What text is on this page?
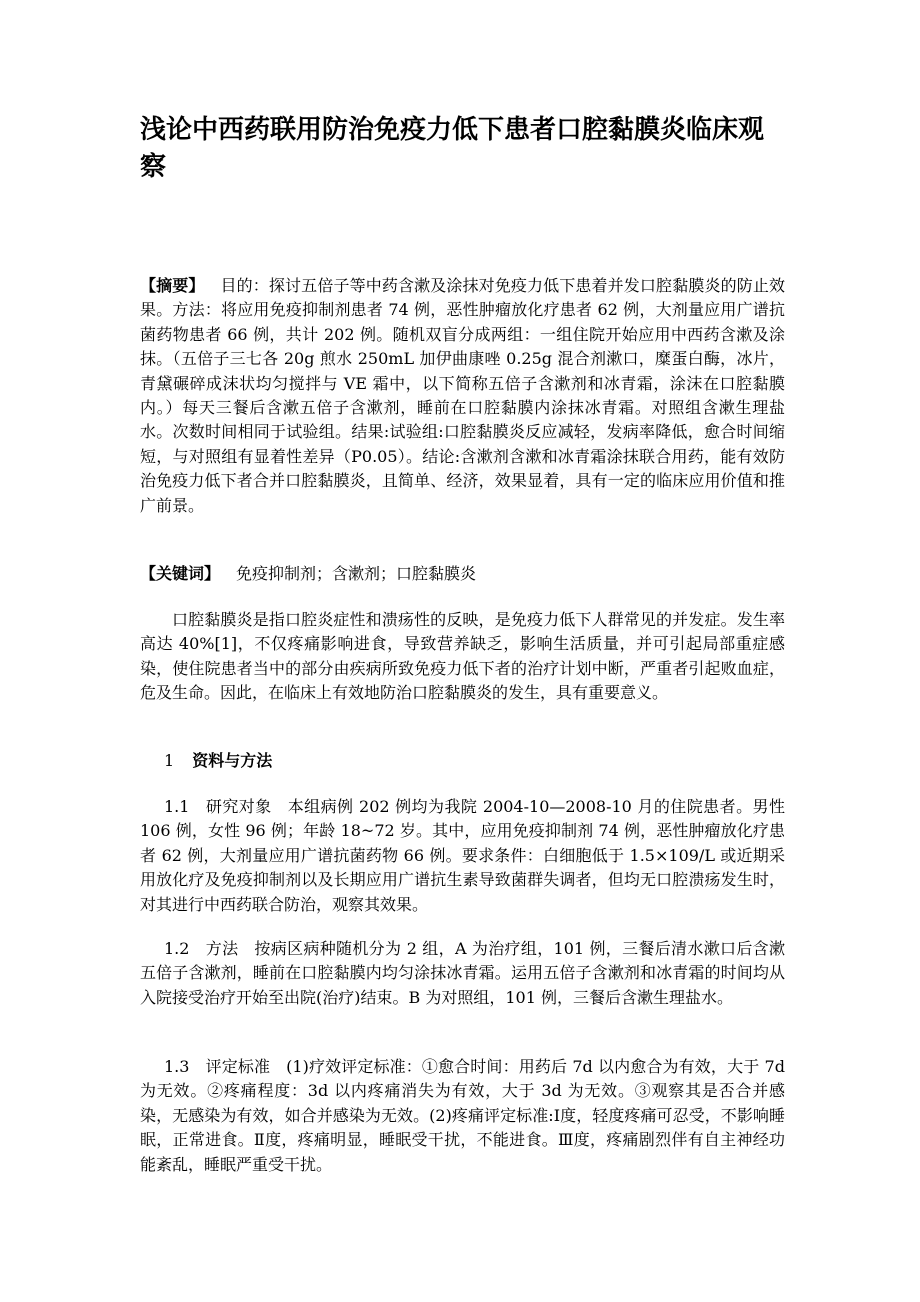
浅论中西药联用防治免疫力低下患者口腔黏膜炎临床观察

【摘要】 目的：探讨五倍子等中药含漱及涂抹对免疫力低下患着并发口腔黏膜炎的防止效果。方法：将应用免疫抑制剂患者 74 例，恶性肿瘤放化疗患者 62 例，大剂量应用广谱抗菌药物患者 66 例，共计 202 例。随机双盲分成两组：一组住院开始应用中西药含漱及涂抹。（五倍子三七各 20g 煎水 250mL 加伊曲康唑 0.25g 混合剂漱口，糜蛋白酶，冰片，青黛碾碎成沫状均匀搅拌与 VE 霜中，以下简称五倍子含漱剂和冰青霜，涂沫在口腔黏膜内。）每天三餐后含漱五倍子含漱剂，睡前在口腔黏膜内涂抹冰青霜。对照组含漱生理盐水。次数时间相同于试验组。结果:试验组:口腔黏膜炎反应减轻，发病率降低，愈合时间缩短，与对照组有显着性差异（P0.05）。结论:含漱剂含漱和冰青霜涂抹联合用药，能有效防治免疫力低下者合并口腔黏膜炎，且简单、经济，效果显着，具有一定的临床应用价值和推广前景。

【关键词】 免疫抑制剂；含漱剂；口腔黏膜炎

口腔黏膜炎是指口腔炎症性和溃疡性的反映，是免疫力低下人群常见的并发症。发生率高达 40%[1]，不仅疼痛影响进食，导致营养缺乏，影响生活质量，并可引起局部重症感染，使住院患者当中的部分由疾病所致免疫力低下者的治疗计划中断，严重者引起败血症，危及生命。因此，在临床上有效地防治口腔黏膜炎的发生，具有重要意义。

1 资料与方法

1.1 研究对象 本组病例 202 例均为我院 2004-10—2008-10 月的住院患者。男性 106 例，女性 96 例；年龄 18~72 岁。其中，应用免疫抑制剂 74 例，恶性肿瘤放化疗患者 62 例，大剂量应用广谱抗菌药物 66 例。要求条件：白细胞低于 1.5×109/L 或近期采用放化疗及免疫抑制剂以及长期应用广谱抗生素导致菌群失调者，但均无口腔溃疡发生时，对其进行中西药联合防治，观察其效果。

1.2 方法 按病区病种随机分为 2 组，A 为治疗组，101 例，三餐后清水漱口后含漱五倍子含漱剂，睡前在口腔黏膜内均匀涂抹冰青霜。运用五倍子含漱剂和冰青霜的时间均从入院接受治疗开始至出院(治疗)结束。B 为对照组，101 例，三餐后含漱生理盐水。

1.3 评定标准 (1)疗效评定标准：①愈合时间：用药后 7d 以内愈合为有效，大于 7d 为无效。②疼痛程度：3d 以内疼痛消失为有效，大于 3d 为无效。③观察其是否合并感染，无感染为有效，如合并感染为无效。(2)疼痛评定标准:Ⅰ度，轻度疼痛可忍受，不影响睡眠，正常进食。Ⅱ度，疼痛明显，睡眠受干扰，不能进食。Ⅲ度，疼痛剧烈伴有自主神经功能紊乱，睡眠严重受干扰。
